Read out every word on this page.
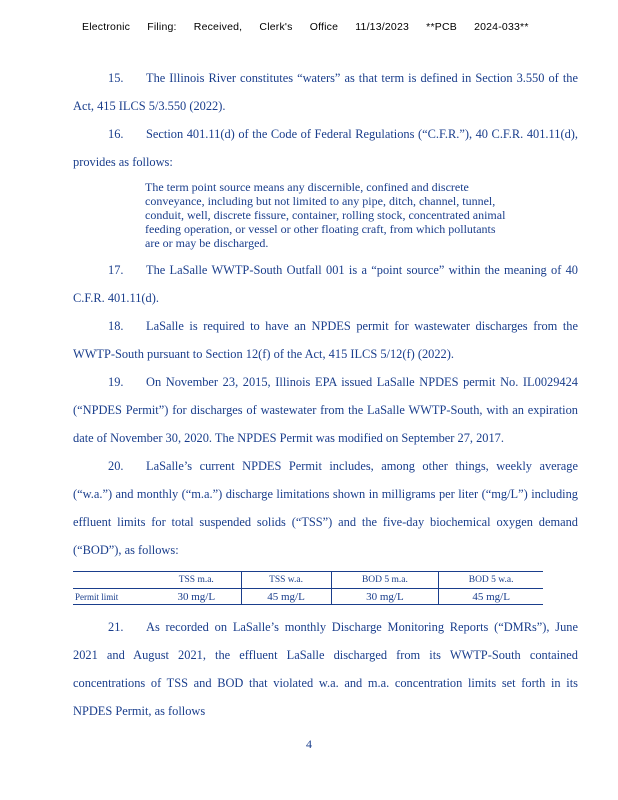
Electronic Filing: Received, Clerk's Office 11/13/2023 **PCB 2024-033**

15. The Illinois River constitutes “waters” as that term is defined in Section 3.550 of the Act, 415 ILCS 5/3.550 (2022).

16. Section 401.11(d) of the Code of Federal Regulations (“C.F.R.”), 40 C.F.R. 401.11(d), provides as follows:

The term point source means any discernible, confined and discrete conveyance, including but not limited to any pipe, ditch, channel, tunnel, conduit, well, discrete fissure, container, rolling stock, concentrated animal feeding operation, or vessel or other floating craft, from which pollutants are or may be discharged.

17. The LaSalle WWTP-South Outfall 001 is a “point source” within the meaning of 40 C.F.R. 401.11(d).

18. LaSalle is required to have an NPDES permit for wastewater discharges from the WWTP-South pursuant to Section 12(f) of the Act, 415 ILCS 5/12(f) (2022).

19. On November 23, 2015, Illinois EPA issued LaSalle NPDES permit No. IL0029424 (“NPDES Permit”) for discharges of wastewater from the LaSalle WWTP-South, with an expiration date of November 30, 2020. The NPDES Permit was modified on September 27, 2017.

20. LaSalle’s current NPDES Permit includes, among other things, weekly average (“w.a.”) and monthly (“m.a.”) discharge limitations shown in milligrams per liter (“mg/L”) including effluent limits for total suspended solids (“TSS”) and the five-day biochemical oxygen demand (“BOD”), as follows:

	TSS m.a.	TSS w.a.	BOD 5 m.a.	BOD 5 w.a.
Permit limit	30 mg/L	45 mg/L	30 mg/L	45 mg/L

21. As recorded on LaSalle’s monthly Discharge Monitoring Reports (“DMRs”), June 2021 and August 2021, the effluent LaSalle discharged from its WWTP-South contained concentrations of TSS and BOD that violated w.a. and m.a. concentration limits set forth in its NPDES Permit, as follows

4
